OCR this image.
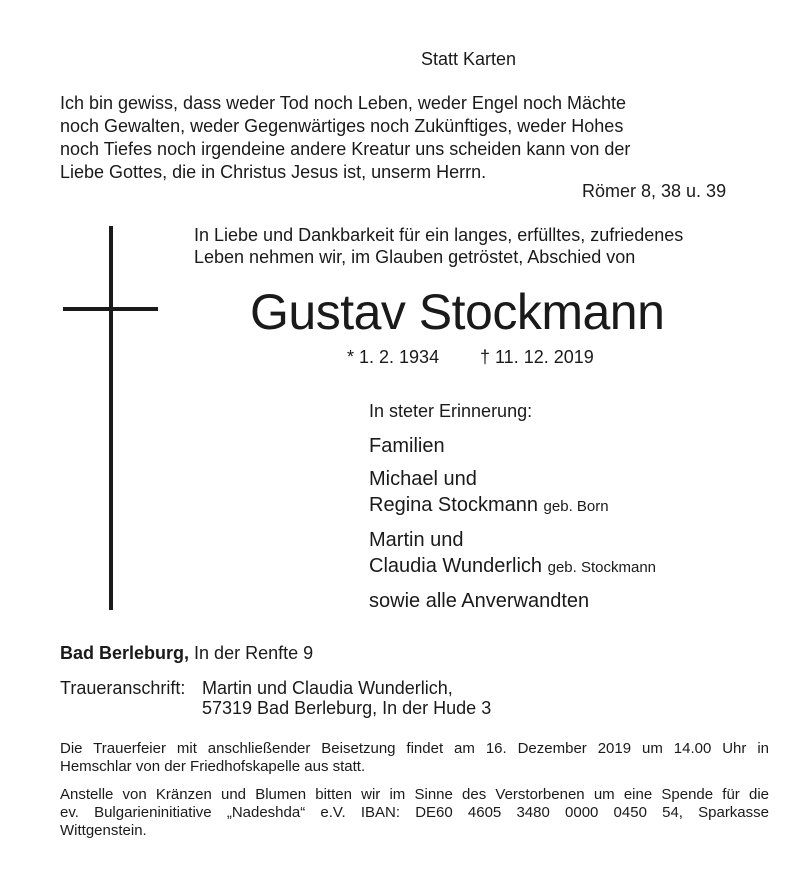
Statt Karten
Ich bin gewiss, dass weder Tod noch Leben, weder Engel noch Mächte
noch Gewalten, weder Gegenwärtiges noch Zukünftiges, weder Hohes
noch Tiefes noch irgendeine andere Kreatur uns scheiden kann von der
Liebe Gottes, die in Christus Jesus ist, unserm Herrn.
Römer 8, 38 u. 39
In Liebe und Dankbarkeit für ein langes, erfülltes, zufriedenes
Leben nehmen wir, im Glauben getröstet, Abschied von
Gustav Stockmann
* 1. 2. 1934 † 11. 12. 2019
In steter Erinnerung:
Familien
Michael und
Regina Stockmann geb. Born
Martin und
Claudia Wunderlich geb. Stockmann
sowie alle Anverwandten
Bad Berleburg, In der Renfte 9
Traueranschrift: Martin und Claudia Wunderlich,
57319 Bad Berleburg, In der Hude 3
Die Trauerfeier mit anschließender Beisetzung findet am 16. Dezember 2019 um 14.00 Uhr in
Hemschlar von der Friedhofskapelle aus statt.
Anstelle von Kränzen und Blumen bitten wir im Sinne des Verstorbenen um eine Spende für die
ev. Bulgarieninitiative „Nadeshda“ e.V. IBAN: DE60 4605 3480 0000 0450 54, Sparkasse
Wittgenstein.
